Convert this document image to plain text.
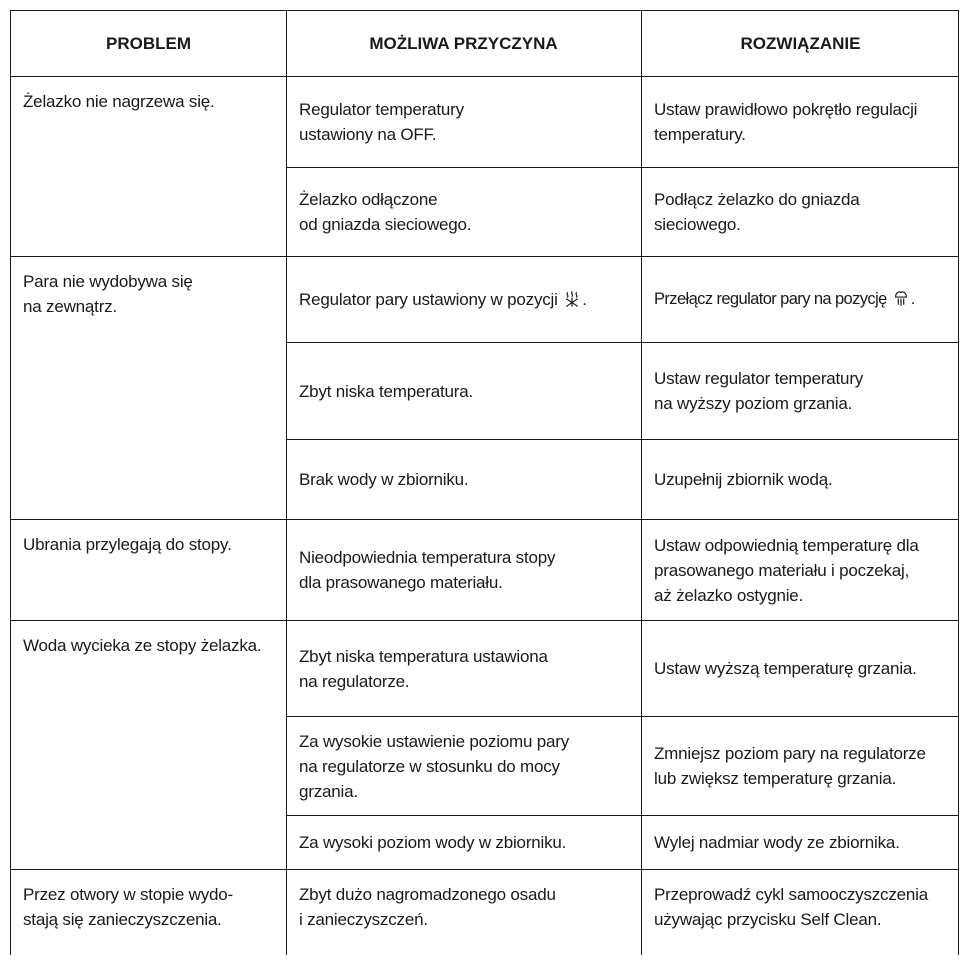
PROBLEM	MOŻLIWA PRZYCZYNA	ROZWIĄZANIE
Żelazko nie nagrzewa się.
Para nie wydobywa się
na zewnątrz.
Ubrania przylegają do stopy.
Woda wycieka ze stopy żelazka.
Przez otwory w stopie wydo-
stają się zanieczyszczenia.
Regulator temperatury
ustawiony na OFF.
Żelazko odłączone
od gniazda sieciowego.
Regulator pary ustawiony w pozycji .
Zbyt niska temperatura.
Brak wody w zbiorniku.
Nieodpowiednia temperatura stopy
dla prasowanego materiału.
Zbyt niska temperatura ustawiona
na regulatorze.
Za wysokie ustawienie poziomu pary
na regulatorze w stosunku do mocy
grzania.
Za wysoki poziom wody w zbiorniku.
Zbyt dużo nagromadzonego osadu
i zanieczyszczeń.
Ustaw prawidłowo pokrętło regulacji
temperatury.
Podłącz żelazko do gniazda
sieciowego.
Przełącz regulator pary na pozycję .
Ustaw regulator temperatury
na wyższy poziom grzania.
Uzupełnij zbiornik wodą.
Ustaw odpowiednią temperaturę dla
prasowanego materiału i poczekaj,
aż żelazko ostygnie.
Ustaw wyższą temperaturę grzania.
Zmniejsz poziom pary na regulatorze
lub zwiększ temperaturę grzania.
Wylej nadmiar wody ze zbiornika.
Przeprowadź cykl samooczyszczenia
używając przycisku Self Clean.
